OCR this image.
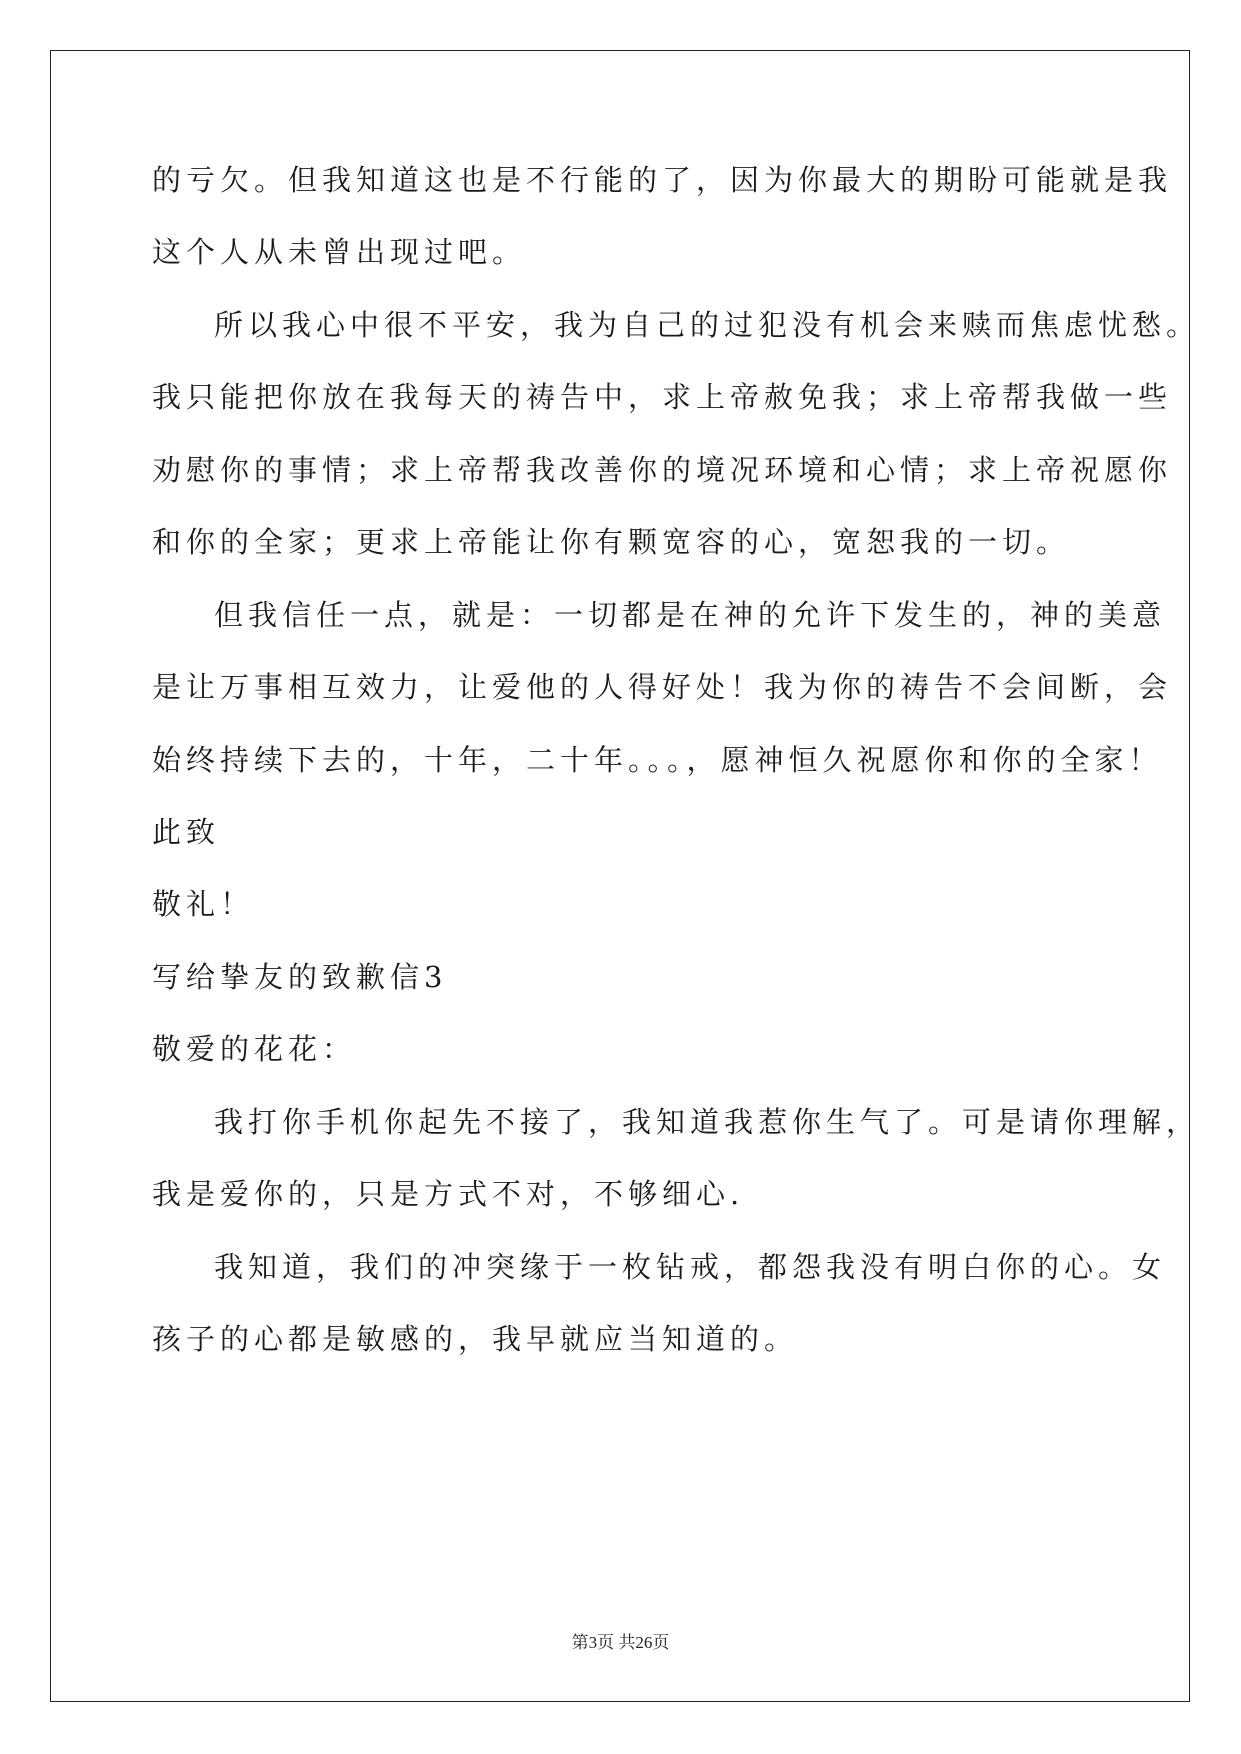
的亏欠。但我知道这也是不行能的了，因为你最大的期盼可能就是我
这个人从未曾出现过吧。
所以我心中很不平安，我为自己的过犯没有机会来赎而焦虑忧愁。
我只能把你放在我每天的祷告中，求上帝赦免我；求上帝帮我做一些
劝慰你的事情；求上帝帮我改善你的境况环境和心情；求上帝祝愿你
和你的全家；更求上帝能让你有颗宽容的心，宽恕我的一切。
但我信任一点，就是：一切都是在神的允许下发生的，神的美意
是让万事相互效力，让爱他的人得好处！我为你的祷告不会间断，会
始终持续下去的，十年，二十年。。。，愿神恒久祝愿你和你的全家！
此致
敬礼！
写给挚友的致歉信3
敬爱的花花：
我打你手机你起先不接了，我知道我惹你生气了。可是请你理解，
我是爱你的，只是方式不对，不够细心.
我知道，我们的冲突缘于一枚钻戒，都怨我没有明白你的心。女
孩子的心都是敏感的，我早就应当知道的。
第3页 共26页
